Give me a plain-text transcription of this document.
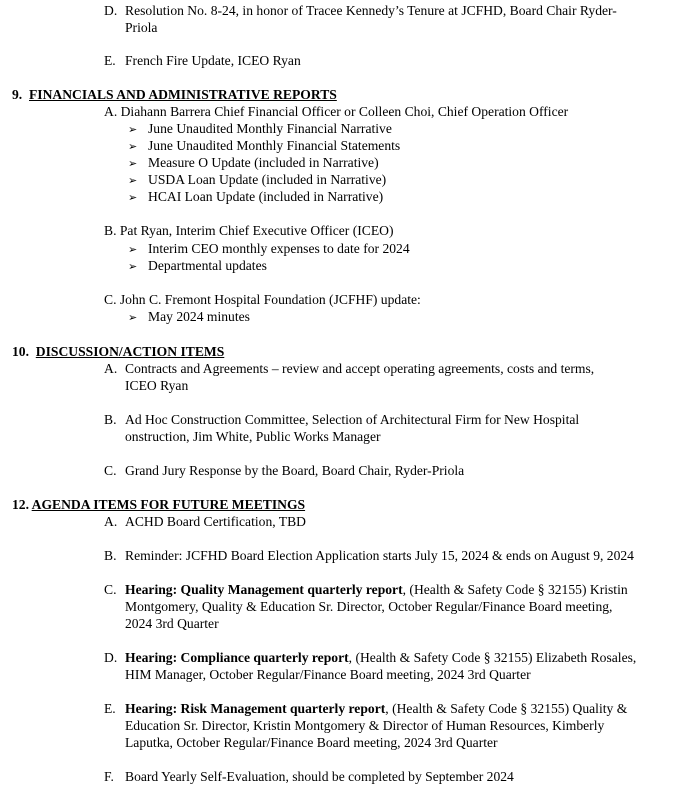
D. Resolution No. 8-24, in honor of Tracee Kennedy’s Tenure at JCFHD, Board Chair Ryder-
Priola
E. French Fire Update, ICEO Ryan
9. FINANCIALS AND ADMINISTRATIVE REPORTS
A. Diahann Barrera Chief Financial Officer or Colleen Choi, Chief Operation Officer
➢ June Unaudited Monthly Financial Narrative
➢ June Unaudited Monthly Financial Statements
➢ Measure O Update (included in Narrative)
➢ USDA Loan Update (included in Narrative)
➢ HCAI Loan Update (included in Narrative)
B. Pat Ryan, Interim Chief Executive Officer (ICEO)
➢ Interim CEO monthly expenses to date for 2024
➢ Departmental updates
C. John C. Fremont Hospital Foundation (JCFHF) update:
➢ May 2024 minutes
10. DISCUSSION/ACTION ITEMS
A. Contracts and Agreements – review and accept operating agreements, costs and terms,
ICEO Ryan
B. Ad Hoc Construction Committee, Selection of Architectural Firm for New Hospital
onstruction, Jim White, Public Works Manager
C. Grand Jury Response by the Board, Board Chair, Ryder-Priola
12. AGENDA ITEMS FOR FUTURE MEETINGS
A. ACHD Board Certification, TBD
B. Reminder: JCFHD Board Election Application starts July 15, 2024 & ends on August 9, 2024
C. Hearing: Quality Management quarterly report, (Health & Safety Code § 32155) Kristin
Montgomery, Quality & Education Sr. Director, October Regular/Finance Board meeting,
2024 3rd Quarter
D. Hearing: Compliance quarterly report, (Health & Safety Code § 32155) Elizabeth Rosales,
HIM Manager, October Regular/Finance Board meeting, 2024 3rd Quarter
E. Hearing: Risk Management quarterly report, (Health & Safety Code § 32155) Quality &
Education Sr. Director, Kristin Montgomery & Director of Human Resources, Kimberly
Laputka, October Regular/Finance Board meeting, 2024 3rd Quarter
F. Board Yearly Self-Evaluation, should be completed by September 2024
